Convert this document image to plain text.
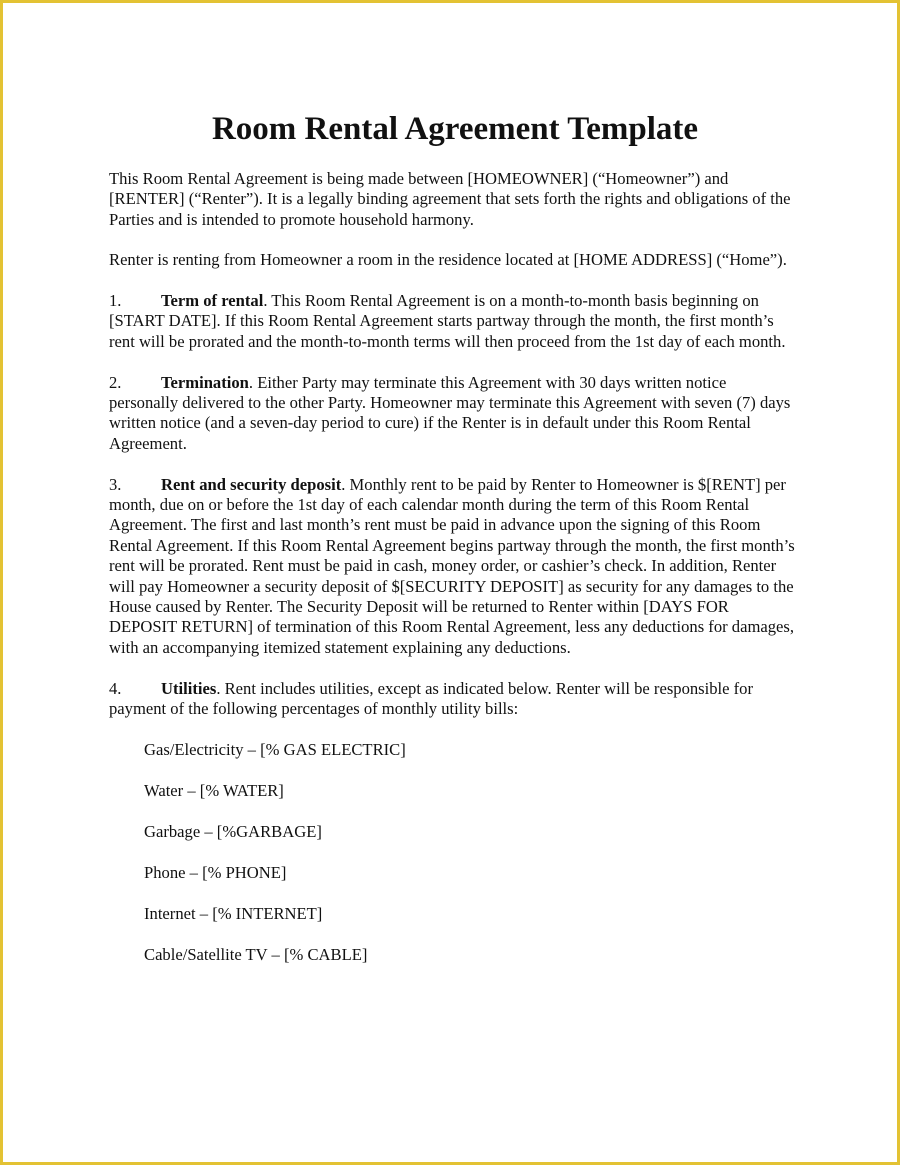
Room Rental Agreement Template

This Room Rental Agreement is being made between [HOMEOWNER] (“Homeowner”) and [RENTER] (“Renter”). It is a legally binding agreement that sets forth the rights and obligations of the Parties and is intended to promote household harmony.

Renter is renting from Homeowner a room in the residence located at [HOME ADDRESS] (“Home”).

1. Term of rental. This Room Rental Agreement is on a month-to-month basis beginning on [START DATE]. If this Room Rental Agreement starts partway through the month, the first month’s rent will be prorated and the month-to-month terms will then proceed from the 1st day of each month.

2. Termination. Either Party may terminate this Agreement with 30 days written notice personally delivered to the other Party. Homeowner may terminate this Agreement with seven (7) days written notice (and a seven-day period to cure) if the Renter is in default under this Room Rental Agreement.

3. Rent and security deposit. Monthly rent to be paid by Renter to Homeowner is $[RENT] per month, due on or before the 1st day of each calendar month during the term of this Room Rental Agreement. The first and last month’s rent must be paid in advance upon the signing of this Room Rental Agreement. If this Room Rental Agreement begins partway through the month, the first month’s rent will be prorated. Rent must be paid in cash, money order, or cashier’s check. In addition, Renter will pay Homeowner a security deposit of $[SECURITY DEPOSIT] as security for any damages to the House caused by Renter. The Security Deposit will be returned to Renter within [DAYS FOR DEPOSIT RETURN] of termination of this Room Rental Agreement, less any deductions for damages, with an accompanying itemized statement explaining any deductions.

4. Utilities. Rent includes utilities, except as indicated below. Renter will be responsible for payment of the following percentages of monthly utility bills:

Gas/Electricity – [% GAS ELECTRIC]
Water – [% WATER]
Garbage – [%GARBAGE]
Phone – [% PHONE]
Internet – [% INTERNET]
Cable/Satellite TV – [% CABLE]
